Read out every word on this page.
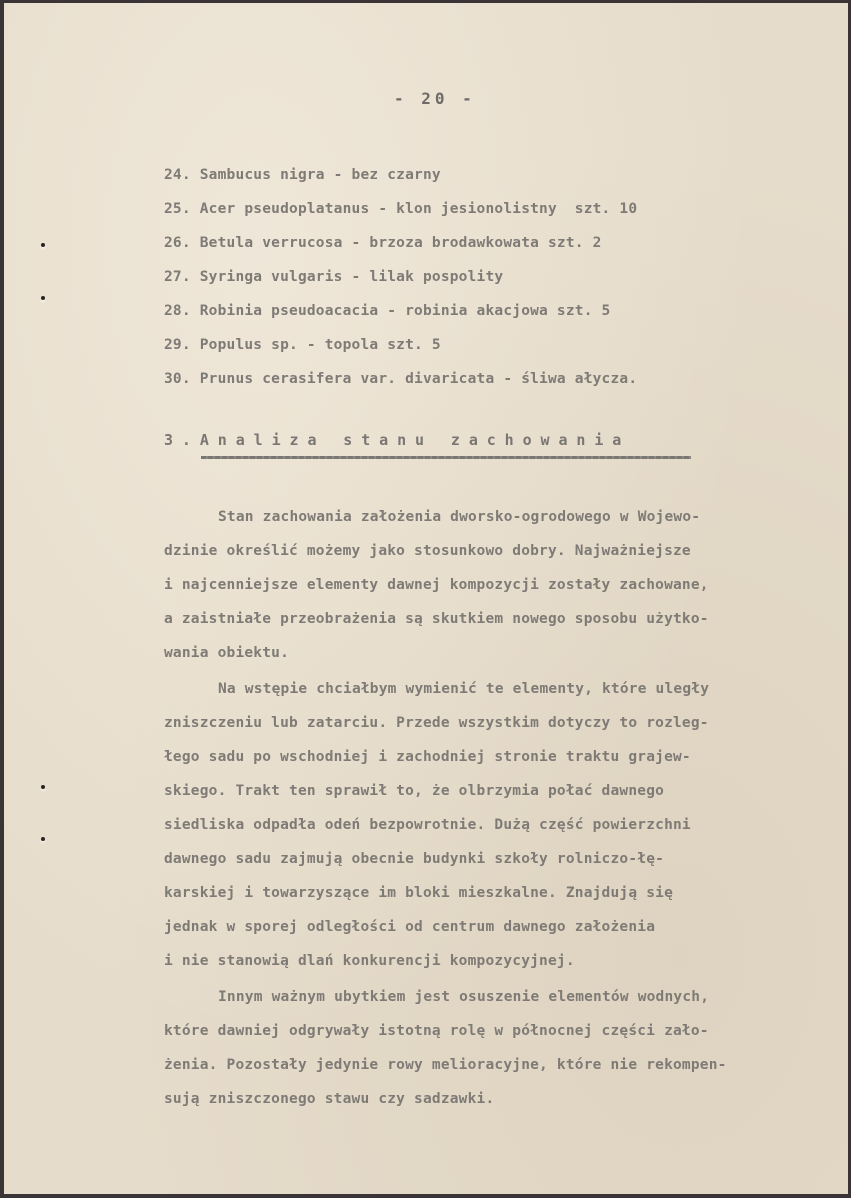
- 20 -
24. Sambucus nigra - bez czarny
25. Acer pseudoplatanus - klon jesionolistny  szt. 10
26. Betula verrucosa - brzoza brodawkowata szt. 2
27. Syringa vulgaris - lilak pospolity
28. Robinia pseudoacacia - robinia akacjowa szt. 5
29. Populus sp. - topola szt. 5
30. Prunus cerasifera var. divaricata - śliwa ałycza.
3.Analiza stanu zachowania
Stan zachowania założenia dworsko-ogrodowego w Wojewo-
dzinie określić możemy jako stosunkowo dobry. Najważniejsze
i najcenniejsze elementy dawnej kompozycji zostały zachowane,
a zaistniałe przeobrażenia są skutkiem nowego sposobu użytko-
wania obiektu.
Na wstępie chciałbym wymienić te elementy, które uległy
zniszczeniu lub zatarciu. Przede wszystkim dotyczy to rozleg-
łego sadu po wschodniej i zachodniej stronie traktu grajew-
skiego. Trakt ten sprawił to, że olbrzymia połać dawnego
siedliska odpadła odeń bezpowrotnie. Dużą część powierzchni
dawnego sadu zajmują obecnie budynki szkoły rolniczo-łę-
karskiej i towarzyszące im bloki mieszkalne. Znajdują się
jednak w sporej odległości od centrum dawnego założenia
i nie stanowią dlań konkurencji kompozycyjnej.
Innym ważnym ubytkiem jest osuszenie elementów wodnych,
które dawniej odgrywały istotną rolę w północnej części zało-
żenia. Pozostały jedynie rowy melioracyjne, które nie rekompen-
sują zniszczonego stawu czy sadzawki.
